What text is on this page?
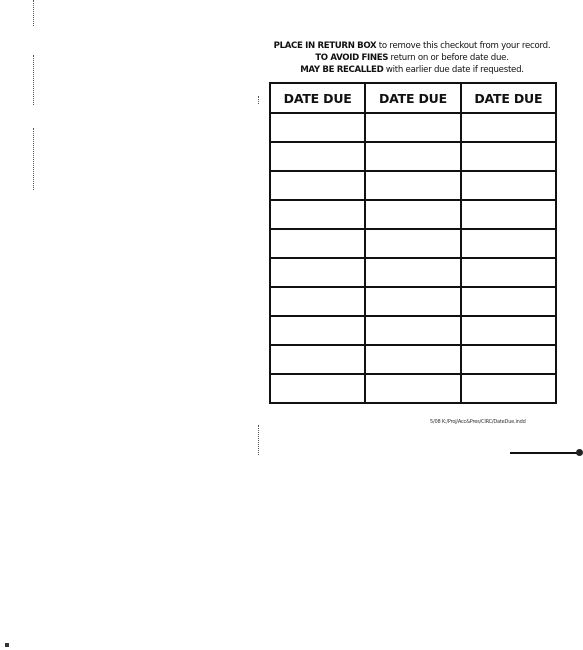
PLACE IN RETURN BOX to remove this checkout from your record.
TO AVOID FINES return on or before date due.
MAY BE RECALLED with earlier due date if requested.
DATE DUE	DATE DUE	DATE DUE

5/08 K:/Proj/Acc&Pres/CIRC/DateDue.indd
